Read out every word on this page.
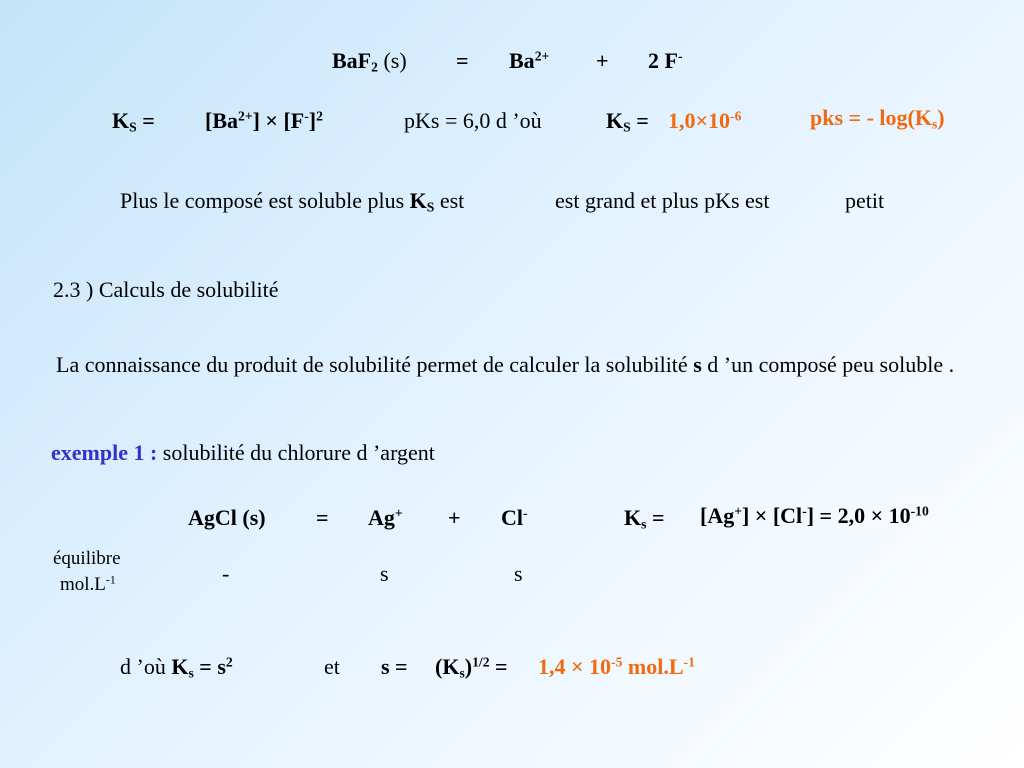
BaF$_2$ $(s) = Ba^{2+} + 2$ F-
$K_S = [Ba^{2+}] \times [F^-]^2$	pKs = 6,0 d ’où	$K_S = 1,0\times 10^{-6}$	pks = - $\log(K_s)$
Plus le composé est soluble plus $K_S$ est	est grand et plus pKs est	petit
2.3 ) Calculs de solubilité
La connaissance du produit de solubilité permet de calculer la solubilité s d ’un composé peu soluble .
exemple 1 : solubilité du chlorure d ’argent
AgCl (s) = Ag+ + Cl-	$K_s = [Ag^+] \times [Cl^-] = 2,0 \times 10^{-10}$
équilibre
$mol.L^{-1}$	-	s	s
d ’où $K_s = s^2$	et $s = (K_s)^{1/2} = 1,4 \times 10^{-5}$ $mol.L^{-1}$
